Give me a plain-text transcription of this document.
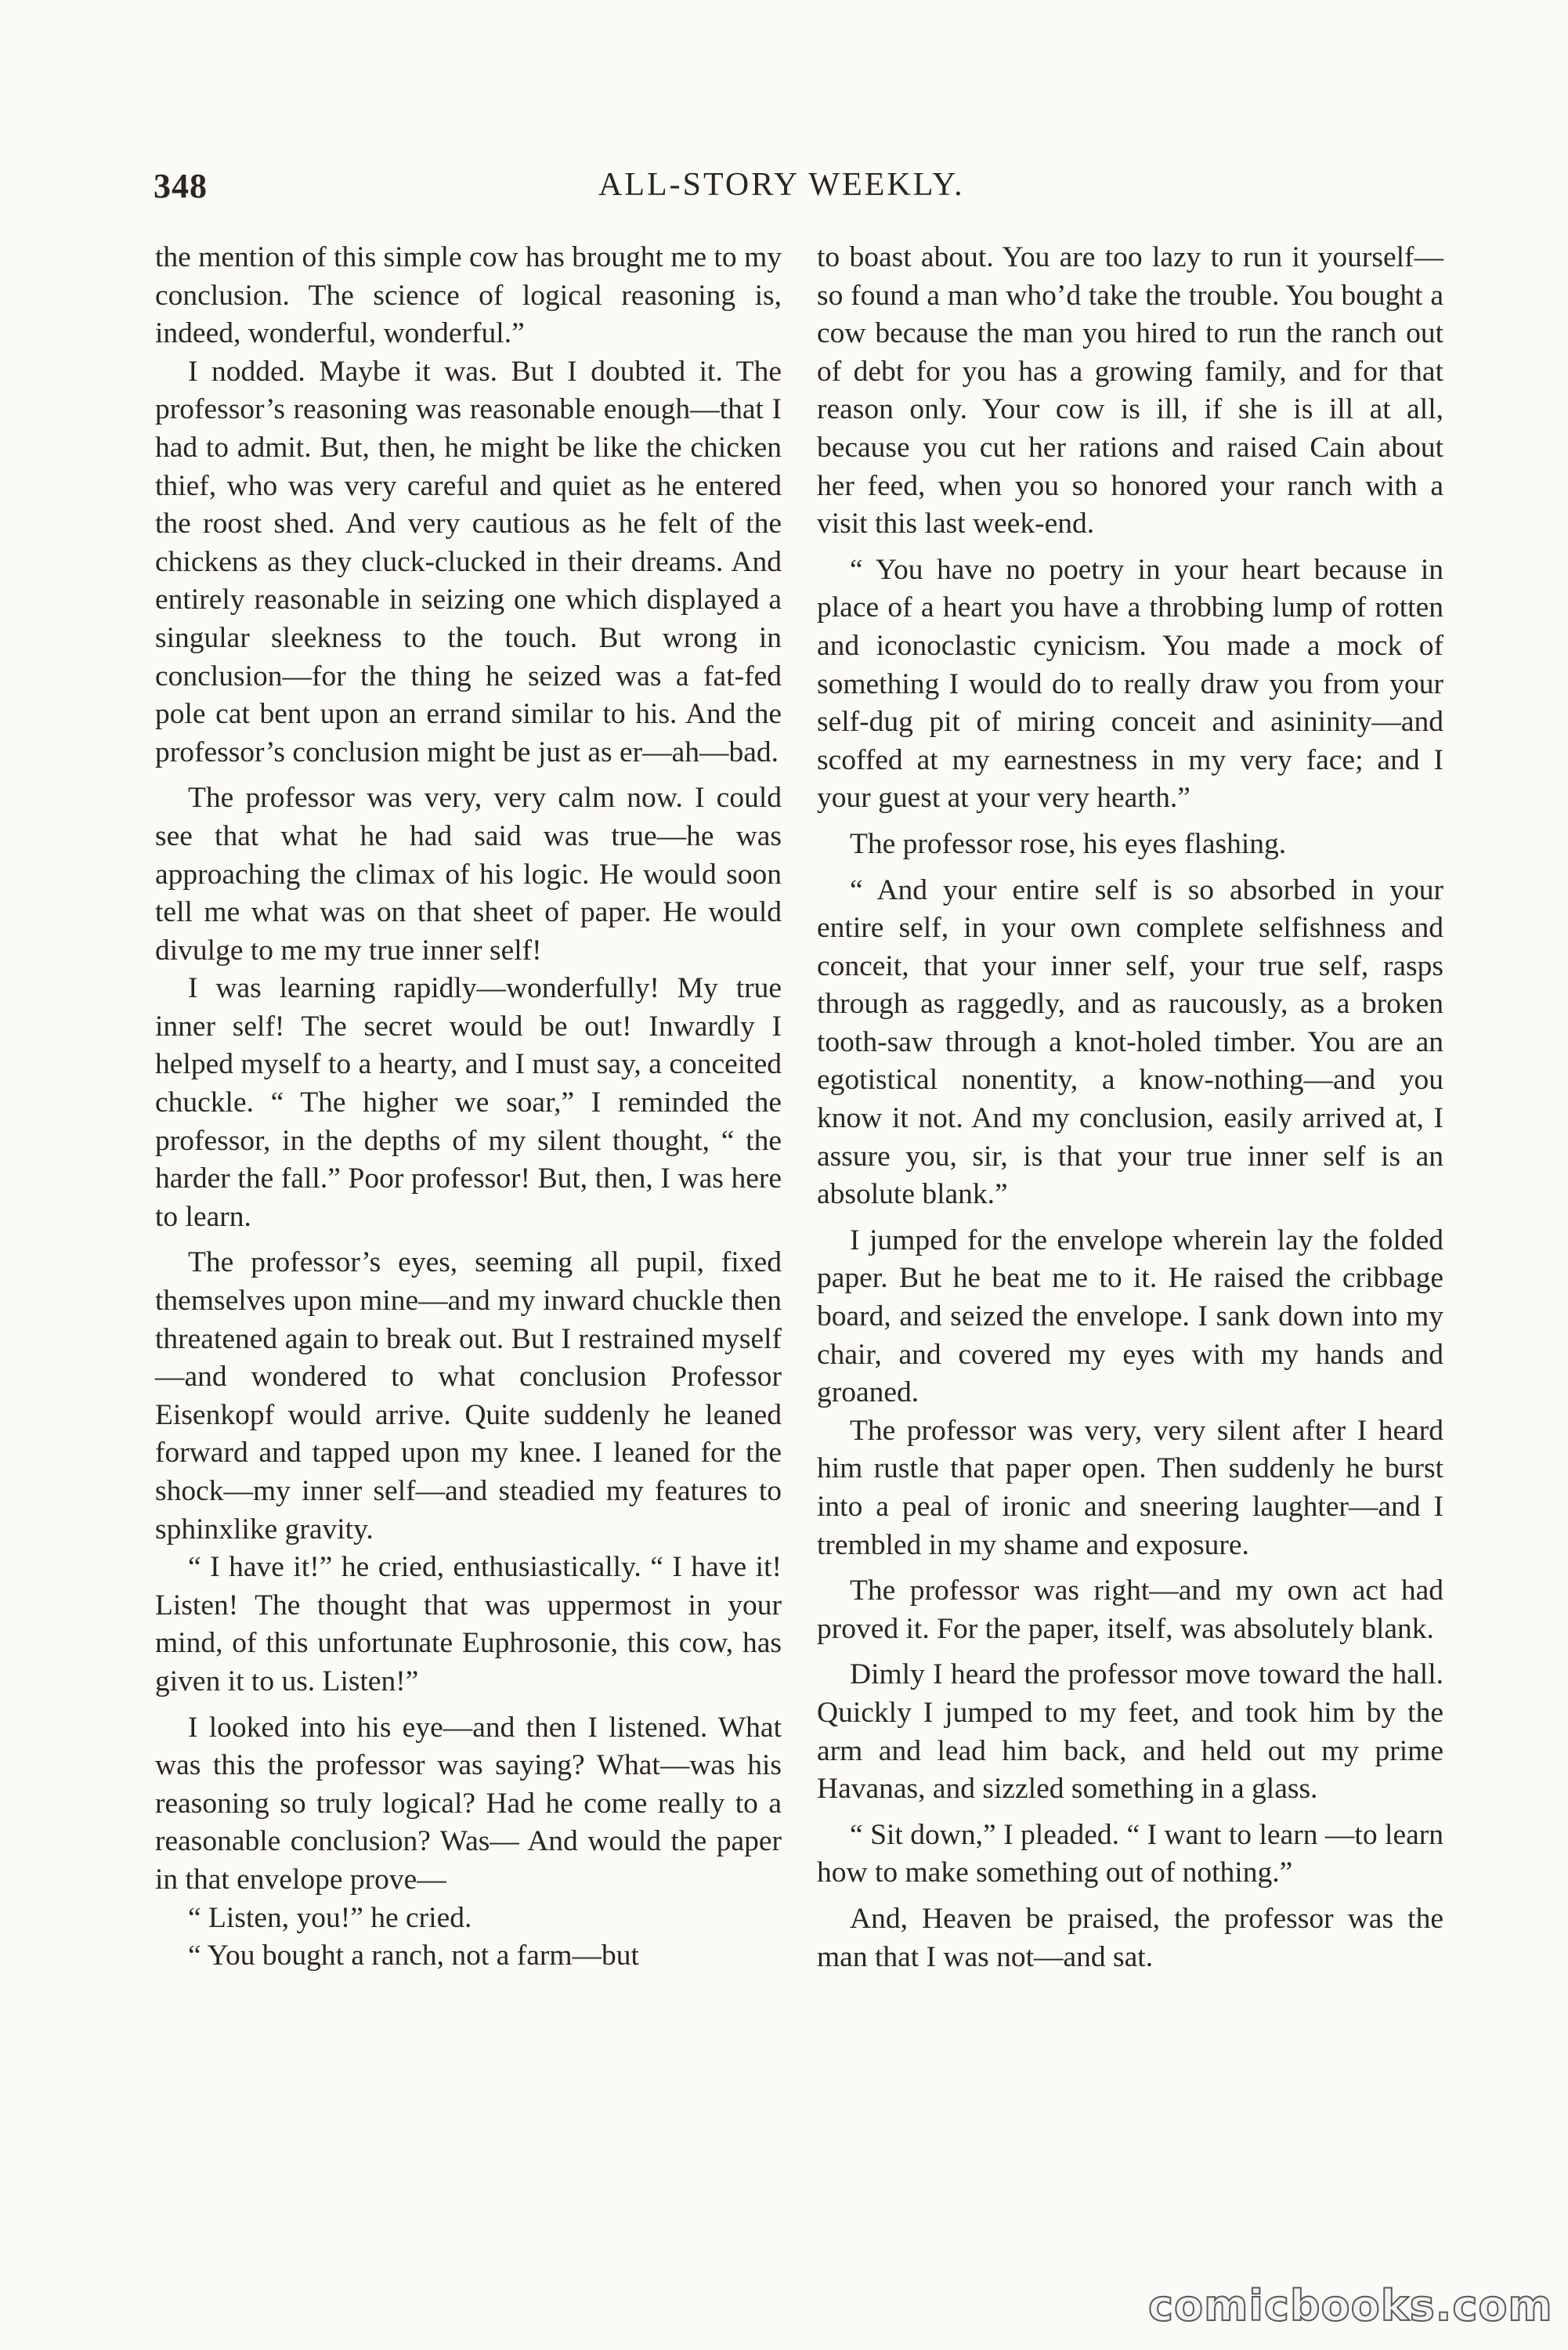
348	ALL-STORY WEEKLY.

the mention of this simple cow has brought me to my conclusion. The science of logical reasoning is, indeed, wonderful, wonderful.”

I nodded. Maybe it was. But I doubted it. The professor’s reasoning was reasonable enough—that I had to admit. But, then, he might be like the chicken thief, who was very careful and quiet as he entered the roost shed. And very cautious as he felt of the chickens as they cluck-clucked in their dreams. And entirely reasonable in seizing one which displayed a singular sleekness to the touch. But wrong in conclusion—for the thing he seized was a fat-fed pole cat bent upon an errand similar to his. And the professor’s conclusion might be just as er—ah—bad.

The professor was very, very calm now. I could see that what he had said was true—he was approaching the climax of his logic. He would soon tell me what was on that sheet of paper. He would divulge to me my true inner self!

I was learning rapidly—wonderfully! My true inner self! The secret would be out! Inwardly I helped myself to a hearty, and I must say, a conceited chuckle. “ The higher we soar,” I reminded the professor, in the depths of my silent thought, “ the harder the fall.” Poor professor! But, then, I was here to learn.

The professor’s eyes, seeming all pupil, fixed themselves upon mine—and my inward chuckle then threatened again to break out. But I restrained myself—and wondered to what conclusion Professor Eisenkopf would arrive. Quite suddenly he leaned forward and tapped upon my knee. I leaned for the shock—my inner self—and steadied my features to sphinxlike gravity.

“ I have it!” he cried, enthusiastically. “ I have it! Listen! The thought that was uppermost in your mind, of this unfortunate Euphrosonie, this cow, has given it to us. Listen!”

I looked into his eye—and then I listened. What was this the professor was saying? What—was his reasoning so truly logical? Had he come really to a reasonable conclusion? Was— And would the paper in that envelope prove—

“ Listen, you!” he cried.

“ You bought a ranch, not a farm—but

to boast about. You are too lazy to run it yourself—so found a man who’d take the trouble. You bought a cow because the man you hired to run the ranch out of debt for you has a growing family, and for that reason only. Your cow is ill, if she is ill at all, because you cut her rations and raised Cain about her feed, when you so honored your ranch with a visit this last week-end.

“ You have no poetry in your heart because in place of a heart you have a throbbing lump of rotten and iconoclastic cynicism. You made a mock of something I would do to really draw you from your self-dug pit of miring conceit and asininity—and scoffed at my earnestness in my very face; and I your guest at your very hearth.”

The professor rose, his eyes flashing.

“ And your entire self is so absorbed in your entire self, in your own complete selfishness and conceit, that your inner self, your true self, rasps through as raggedly, and as raucously, as a broken tooth-saw through a knot-holed timber. You are an egotistical nonentity, a know-nothing—and you know it not. And my conclusion, easily arrived at, I assure you, sir, is that your true inner self is an absolute blank.”

I jumped for the envelope wherein lay the folded paper. But he beat me to it. He raised the cribbage board, and seized the envelope. I sank down into my chair, and covered my eyes with my hands and groaned.

The professor was very, very silent after I heard him rustle that paper open. Then suddenly he burst into a peal of ironic and sneering laughter—and I trembled in my shame and exposure.

The professor was right—and my own act had proved it. For the paper, itself, was absolutely blank.

Dimly I heard the professor move toward the hall. Quickly I jumped to my feet, and took him by the arm and lead him back, and held out my prime Havanas, and sizzled something in a glass.

“ Sit down,” I pleaded. “ I want to learn —to learn how to make something out of nothing.”

And, Heaven be praised, the professor was the man that I was not—and sat.

comicbooks.com
